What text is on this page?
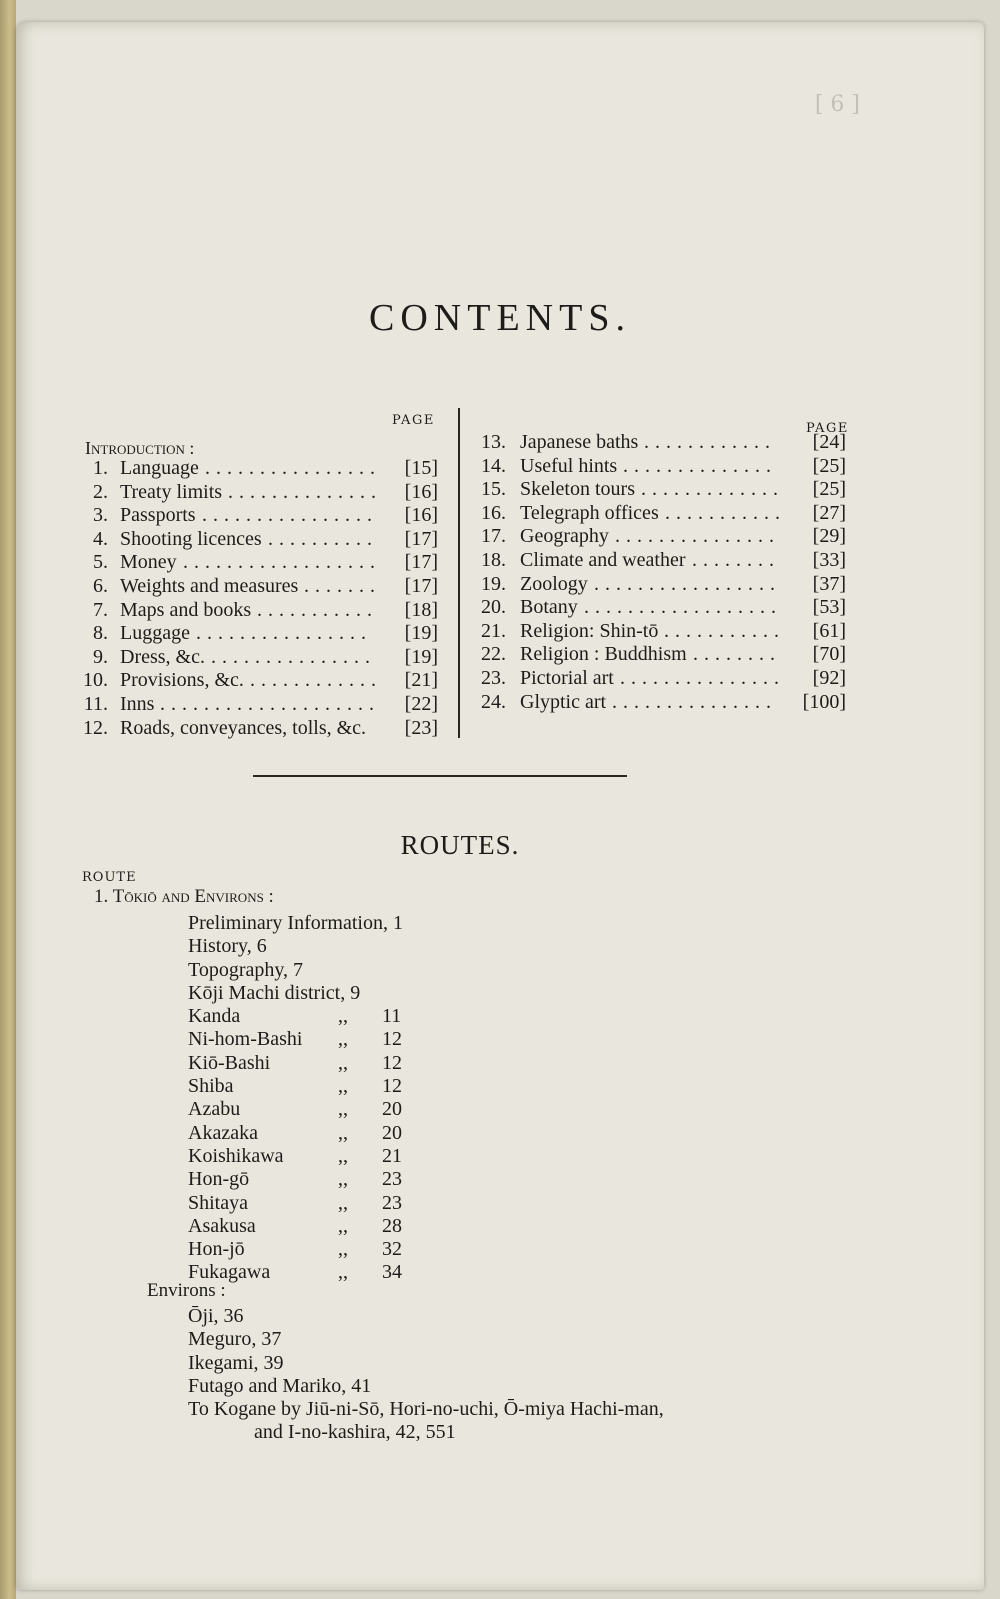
[ 6 ]
CONTENTS.
PAGE
PAGE
Introduction :
1. Language ................	[15]
2. Treaty limits ..............	[16]
3. Passports ................	[16]
4. Shooting licences ..........	[17]
5. Money ..................	[17]
6. Weights and measures .......	[17]
7. Maps and books ...........	[18]
8. Luggage ................	[19]
9. Dress, &c. ...............	[19]
10. Provisions, &c. ............	[21]
11. Inns ....................	[22]
12. Roads, conveyances, tolls, &c.	[23]
13. Japanese baths ............	[24]
14. Useful hints ..............	[25]
15. Skeleton tours .............	[25]
16. Telegraph offices ...........	[27]
17. Geography ...............	[29]
18. Climate and weather ........	[33]
19. Zoology .................	[37]
20. Botany ..................	[53]
21. Religion: Shin-tō ...........	[61]
22. Religion : Buddhism ........	[70]
23. Pictorial art ...............	[92]
24. Glyptic art ...............	[100]
ROUTES.
ROUTE
1. Tōkiō and Environs :
Preliminary Information, 1
History, 6
Topography, 7
Kōji Machi district, 9
Kanda	,, 11
Ni-hom-Bashi ,, 12
Kiō-Bashi	,, 12
Shiba	,, 12
Azabu	,, 20
Akazaka	,, 20
Koishikawa	,, 21
Hon-gō	,, 23
Shitaya	,, 23
Asakusa	,, 28
Hon-jō	,, 32
Fukagawa	,, 34
Environs :
Ōji, 36
Meguro, 37
Ikegami, 39
Futago and Mariko, 41
To Kogane by Jiū-ni-Sō, Hori-no-uchi, Ō-miya Hachi-man,
and I-no-kashira, 42, 551
